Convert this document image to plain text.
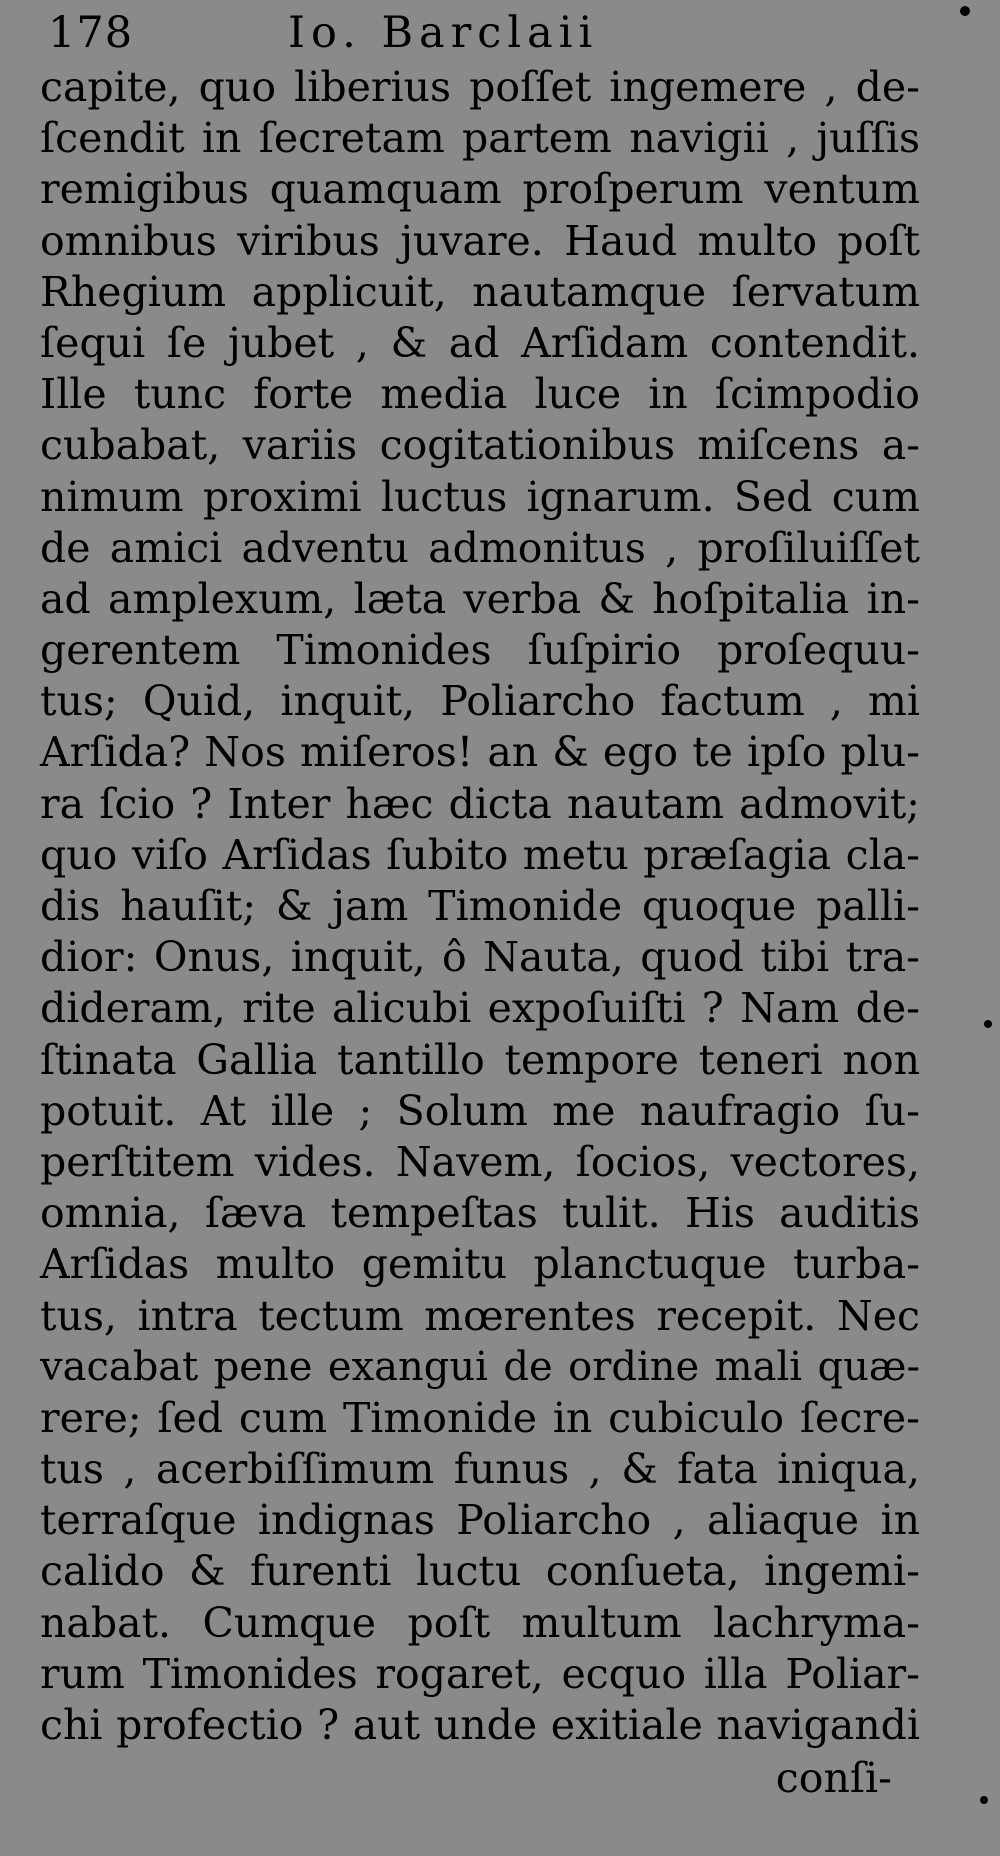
178	Io. Barclaii
capite, quo liberius poſſet ingemere , de-
ſcendit in ſecretam partem navigii , juſſis
remigibus quamquam proſperum ventum
omnibus viribus juvare. Haud multo poſt
Rhegium applicuit, nautamque ſervatum
ſequi ſe jubet , & ad Arſidam contendit.
Ille tunc forte media luce in ſcimpodio
cubabat, variis cogitationibus miſcens a-
nimum proximi luctus ignarum. Sed cum
de amici adventu admonitus , proſiluiſſet
ad amplexum, læta verba & hoſpitalia in-
gerentem Timonides ſuſpirio proſequu-
tus; Quid, inquit, Poliarcho factum , mi
Arſida? Nos miſeros! an & ego te ipſo plu-
ra ſcio ? Inter hæc dicta nautam admovit;
quo viſo Arſidas ſubito metu præſagia cla-
dis hauſit; & jam Timonide quoque palli-
dior: Onus, inquit, ô Nauta, quod tibi tra-
dideram, rite alicubi expoſuiſti ? Nam de-
ſtinata Gallia tantillo tempore teneri non
potuit. At ille ; Solum me naufragio ſu-
perſtitem vides. Navem, ſocios, vectores,
omnia, ſæva tempeſtas tulit. His auditis
Arſidas multo gemitu planctuque turba-
tus, intra tectum mœrentes recepit. Nec
vacabat pene exangui de ordine mali quæ-
rere; ſed cum Timonide in cubiculo ſecre-
tus , acerbiſſimum funus , & fata iniqua,
terraſque indignas Poliarcho , aliaque in
calido & furenti luctu conſueta, ingemi-
nabat. Cumque poſt multum lachryma-
rum Timonides rogaret, ecquo illa Poliar-
chi profectio ? aut unde exitiale navigandi
conſi-
